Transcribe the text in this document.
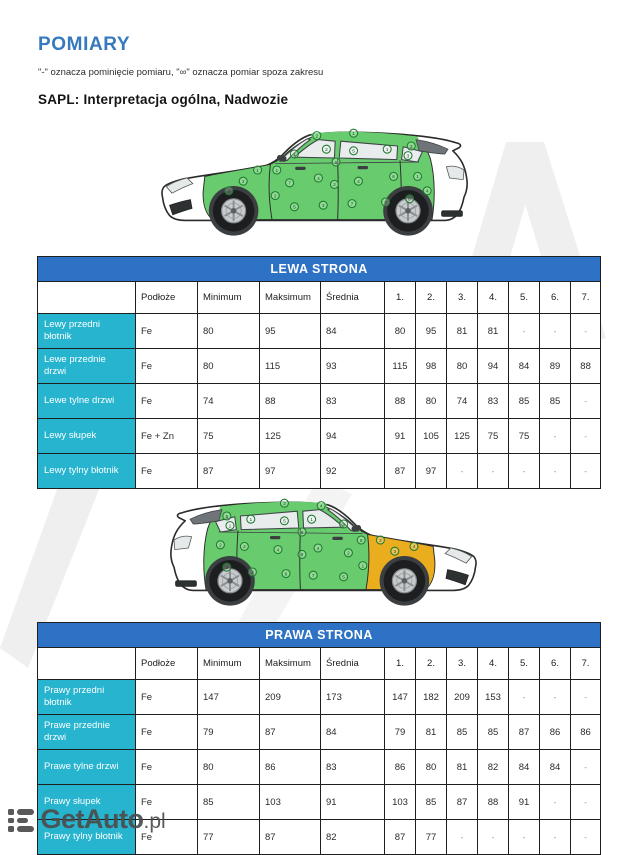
POMIARY

"-" oznacza pominięcie pomiaru, "∞" oznacza pomiar spoza zakresu

SAPL: Interpretacja ogólna, Nadwozie
3
1
2
3
1
6
4
1
6
3
5
4
7
1
2
2
4
3
1
7
5
1
2
1
2
3
LEWA STRONA											
	Podłoże	Minimum	Maksimum	Średnia	1.	2.	3.	4.	5.	6.	7.
Lewy przedni błotnik	Fe	80	95	84	80	95	81	81	-	-	-
Lewe przednie drzwi	Fe	80	115	93	115	98	80	94	84	89	88
Lewe tylne drzwi	Fe	74	88	83	88	80	74	83	85	85	-
Lewy słupek	Fe + Zn	75	125	94	91	105	125	75	75	-	-
Lewy tylny błotnik	Fe	87	97	92	87	97	-	-	-	-	-
5
3	4
1
2
3
1
2
3
5
4
6
6
8
1
4
7
3
2
5
8
1
2
3
4
PRAWA STRONA											
	Podłoże	Minimum	Maksimum	Średnia	1.	2.	3.	4.	5.	6.	7.
Prawy przedni błotnik	Fe	147	209	173	147	182	209	153	-	-	-
Prawe przednie drzwi	Fe	79	87	84	79	81	85	85	87	86	86
Prawe tylne drzwi	Fe	80	86	83	86	80	81	82	84	84	-
Prawy słupek	Fe	85	103	91	103	85	87	88	91	-	-
Prawy tylny błotnik	Fe	77	87	82	87	77	-	-	-	-	-
GetAuto .pl
